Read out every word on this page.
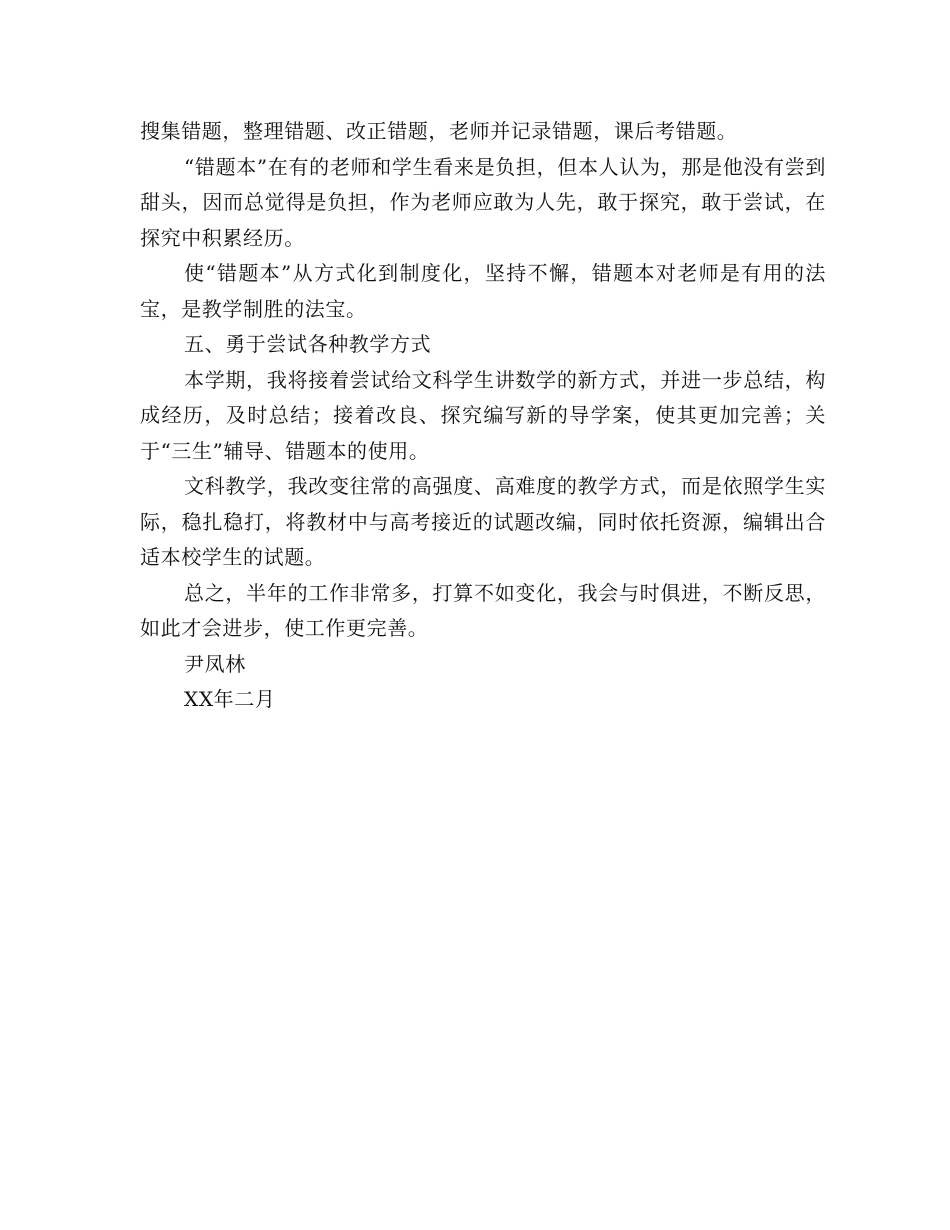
搜集错题，整理错题、改正错题，老师并记录错题，课后考错题。

“错题本”在有的老师和学生看来是负担，但本人认为，那是他没有尝到甜头，因而总觉得是负担，作为老师应敢为人先，敢于探究，敢于尝试，在探究中积累经历。

使“错题本”从方式化到制度化，坚持不懈，错题本对老师是有用的法宝，是教学制胜的法宝。

五、勇于尝试各种教学方式

本学期，我将接着尝试给文科学生讲数学的新方式，并进一步总结，构成经历，及时总结；接着改良、探究编写新的导学案，使其更加完善；关于“三生”辅导、错题本的使用。

文科教学，我改变往常的高强度、高难度的教学方式，而是依照学生实际，稳扎稳打，将教材中与高考接近的试题改编，同时依托资源，编辑出合适本校学生的试题。

总之，半年的工作非常多，打算不如变化，我会与时俱进，不断反思，如此才会进步，使工作更完善。

尹凤林

XX年二月
